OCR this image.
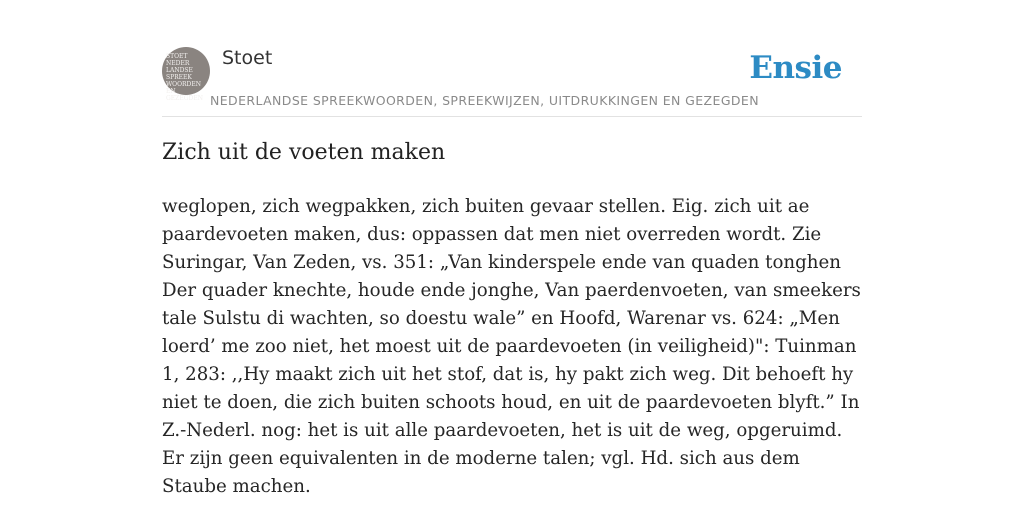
STOET NEDER LANDSE SPREEK WOORDEN EN GEZEGDEN
Stoet
NEDERLANDSE SPREEKWOORDEN, SPREEKWIJZEN, UITDRUKKINGEN EN GEZEGDEN
Ensie
Zich uit de voeten maken

weglopen, zich wegpakken, zich buiten gevaar stellen. Eig. zich uit ae paardevoeten maken, dus: oppassen dat men niet overreden wordt. Zie Suringar, Van Zeden, vs. 351: „Van kinderspele ende van quaden tonghen Der quader knechte, houde ende jonghe, Van paerdenvoeten, van smeekers tale Sulstu di wachten, so doestu wale” en Hoofd, Warenar vs. 624: „Men loerd’ me zoo niet, het moest uit de paardevoeten (in veiligheid)": Tuinman 1, 283: ,,Hy maakt zich uit het stof, dat is, hy pakt zich weg. Dit behoeft hy niet te doen, die zich buiten schoots houd, en uit de paardevoeten blyft.” In Z.-Nederl. nog: het is uit alle paardevoeten, het is uit de weg, opgeruimd. Er zijn geen equivalenten in de moderne talen; vgl. Hd. sich aus dem Staube machen.
